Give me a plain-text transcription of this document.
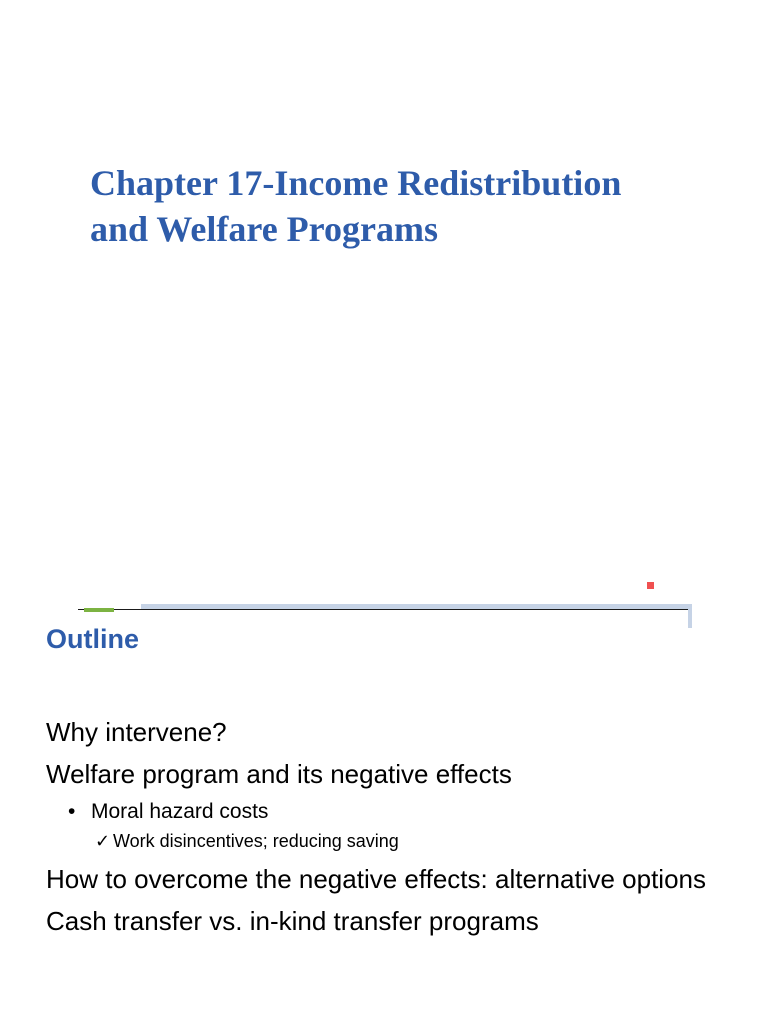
Chapter 17-Income Redistribution
and Welfare Programs
Outline
Why intervene?
Welfare program and its negative effects
• Moral hazard costs
✓ Work disincentives; reducing saving
How to overcome the negative effects: alternative options
Cash transfer vs. in-kind transfer programs
